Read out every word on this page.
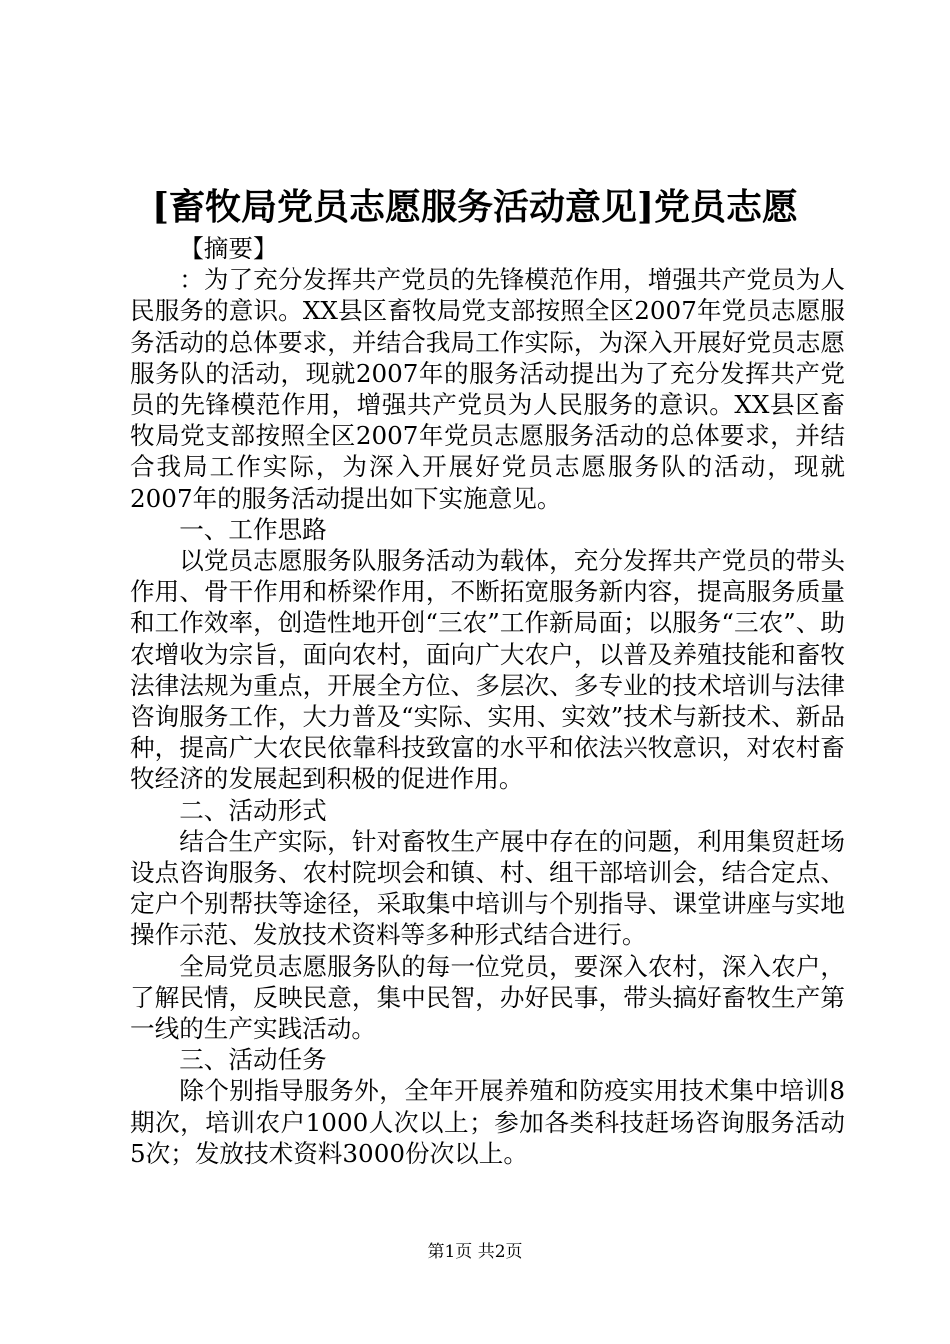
[畜牧局党员志愿服务活动意见]党员志愿

【摘要】

：为了充分发挥共产党员的先锋模范作用，增强共产党员为人民服务的意识。XX县区畜牧局党支部按照全区2007年党员志愿服务活动的总体要求，并结合我局工作实际，为深入开展好党员志愿服务队的活动，现就2007年的服务活动提出为了充分发挥共产党员的先锋模范作用，增强共产党员为人民服务的意识。XX县区畜牧局党支部按照全区2007年党员志愿服务活动的总体要求，并结合我局工作实际，为深入开展好党员志愿服务队的活动，现就2007年的服务活动提出如下实施意见。

一、工作思路

以党员志愿服务队服务活动为载体，充分发挥共产党员的带头作用、骨干作用和桥梁作用，不断拓宽服务新内容，提高服务质量和工作效率，创造性地开创“三农”工作新局面；以服务“三农”、助农增收为宗旨，面向农村，面向广大农户，以普及养殖技能和畜牧法律法规为重点，开展全方位、多层次、多专业的技术培训与法律咨询服务工作，大力普及“实际、实用、实效”技术与新技术、新品种，提高广大农民依靠科技致富的水平和依法兴牧意识，对农村畜牧经济的发展起到积极的促进作用。

二、活动形式

结合生产实际，针对畜牧生产展中存在的问题，利用集贸赶场设点咨询服务、农村院坝会和镇、村、组干部培训会，结合定点、定户个别帮扶等途径，采取集中培训与个别指导、课堂讲座与实地操作示范、发放技术资料等多种形式结合进行。

全局党员志愿服务队的每一位党员，要深入农村，深入农户，了解民情，反映民意，集中民智，办好民事，带头搞好畜牧生产第一线的生产实践活动。

三、活动任务

除个别指导服务外，全年开展养殖和防疫实用技术集中培训8期次，培训农户1000人次以上；参加各类科技赶场咨询服务活动5次；发放技术资料3000份次以上。

第1页 共2页
